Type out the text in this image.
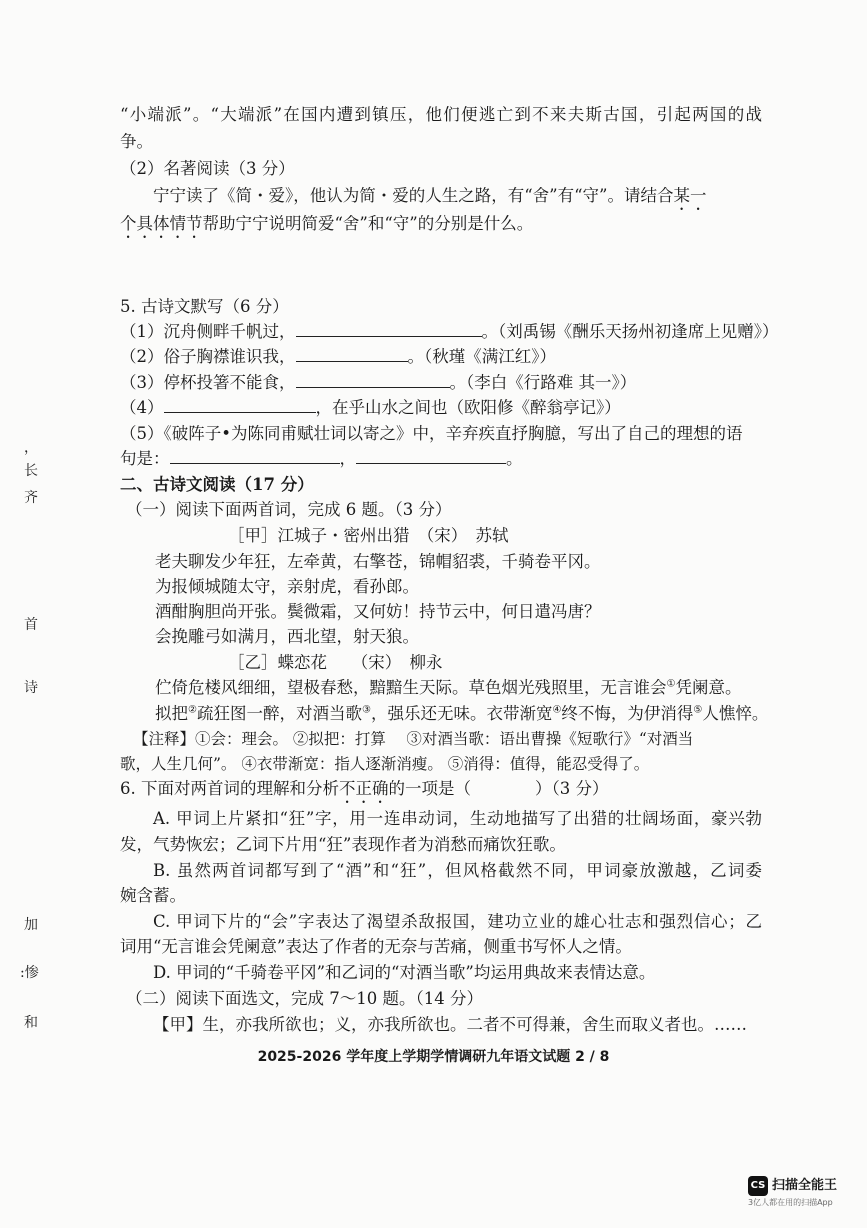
，
长
齐
首
诗
加
:惨
和
“小端派”。“大端派”在国内遭到镇压，他们便逃亡到不来夫斯古国，引起两国的战
争。
（2）名著阅读（3 分）
宁宁读了《简・爱》，他认为简・爱的人生之路，有“舍”有“守”。请结合某一
个具体情节帮助宁宁说明简爱“舍”和“守”的分别是什么。
5. 古诗文默写（6 分）
（1）沉舟侧畔千帆过，	。（刘禹锡《酬乐天扬州初逢席上见赠》）
（2）俗子胸襟谁识我，	。（秋瑾《满江红》）
（3）停杯投箸不能食，	。（李白《行路难 其一》）
（4）	，在乎山水之间也（欧阳修《醉翁亭记》）
（5）《破阵子•为陈同甫赋壮词以寄之》中，辛弃疾直抒胸臆，写出了自己的理想的语
句是：	，	。
二、古诗文阅读（17 分）
（一）阅读下面两首词，完成 6 题。（3 分）
［甲］江城子・密州出猎　（宋）　苏轼
老夫聊发少年狂，左牵黄，右擎苍，锦帽貂裘，千骑卷平冈。
为报倾城随太守，亲射虎，看孙郎。
酒酣胸胆尚开张。鬓微霜，又何妨！持节云中，何日遣冯唐？
会挽雕弓如满月，西北望，射天狼。
［乙］蝶恋花　　（宋）　柳永
伫倚危楼风细细，望极春愁，黯黯生天际。草色烟光残照里，无言谁会①凭阑意。
拟把②疏狂图一醉，对酒当歌③，强乐还无味。衣带渐宽④终不悔，为伊消得⑤人憔悴。
【注释】①会：理会。 ②拟把：打算　 ③对酒当歌：语出曹操《短歌行》“对酒当
歌，人生几何”。 ④衣带渐宽：指人逐渐消瘦。 ⑤消得：值得，能忍受得了。
6. 下面对两首词的理解和分析不正确的一项是（	）（3 分）
A. 甲词上片紧扣“狂”字，用一连串动词，生动地描写了出猎的壮阔场面，豪兴勃
发，气势恢宏；乙词下片用“狂”表现作者为消愁而痛饮狂歌。
B. 虽然两首词都写到了“酒”和“狂”，但风格截然不同，甲词豪放激越，乙词委
婉含蓄。
C. 甲词下片的“会”字表达了渴望杀敌报国，建功立业的雄心壮志和强烈信心；乙
词用“无言谁会凭阑意”表达了作者的无奈与苦痛，侧重书写怀人之情。
D. 甲词的“千骑卷平冈”和乙词的“对酒当歌”均运用典故来表情达意。
（二）阅读下面选文，完成 7～10 题。（14 分）
【甲】生，亦我所欲也；义，亦我所欲也。二者不可得兼，舍生而取义者也。……
2025-2026 学年度上学期学情调研九年语文试题 2 / 8
CS 扫描全能王
3亿人都在用的扫描App
